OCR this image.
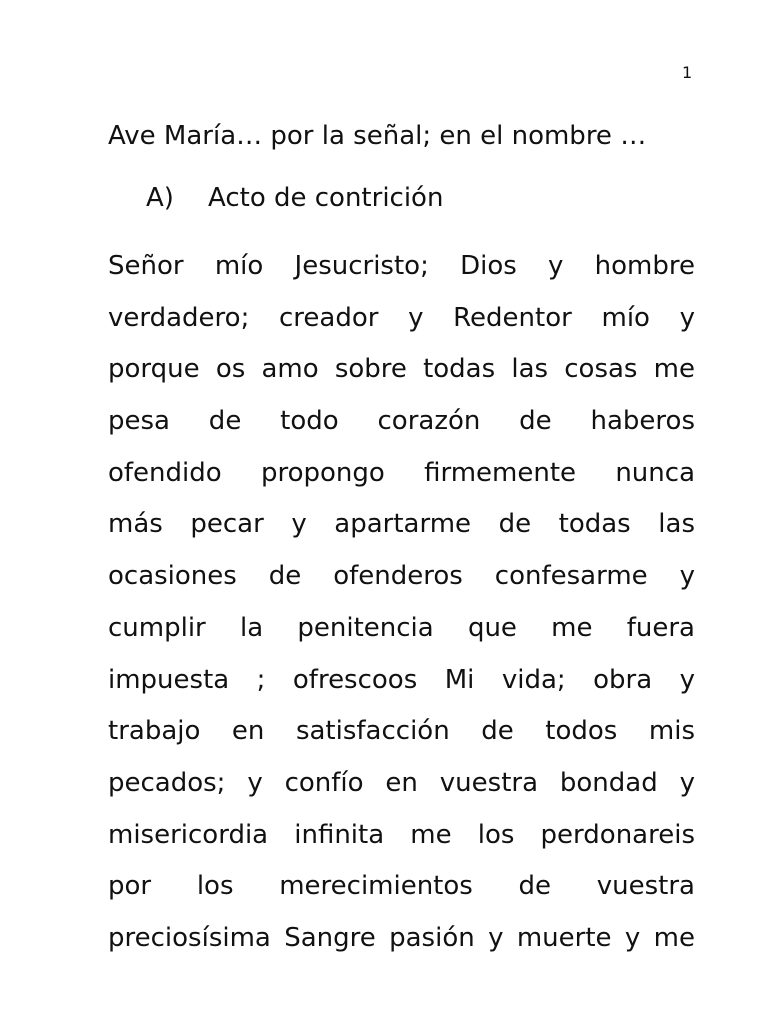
1
Ave María… por la señal; en el nombre …
A) Acto de contrición
Señor mío Jesucristo; Dios y hombre
verdadero; creador y Redentor mío y
porque os amo sobre todas las cosas me
pesa de todo corazón de haberos
ofendido propongo firmemente nunca
más pecar y apartarme de todas las
ocasiones de ofenderos confesarme y
cumplir la penitencia que me fuera
impuesta ; ofrescoos Mi vida; obra y
trabajo en satisfacción de todos mis
pecados; y confío en vuestra bondad y
misericordia infinita me los perdonareis
por los merecimientos de vuestra
preciosísima Sangre pasión y muerte y me
